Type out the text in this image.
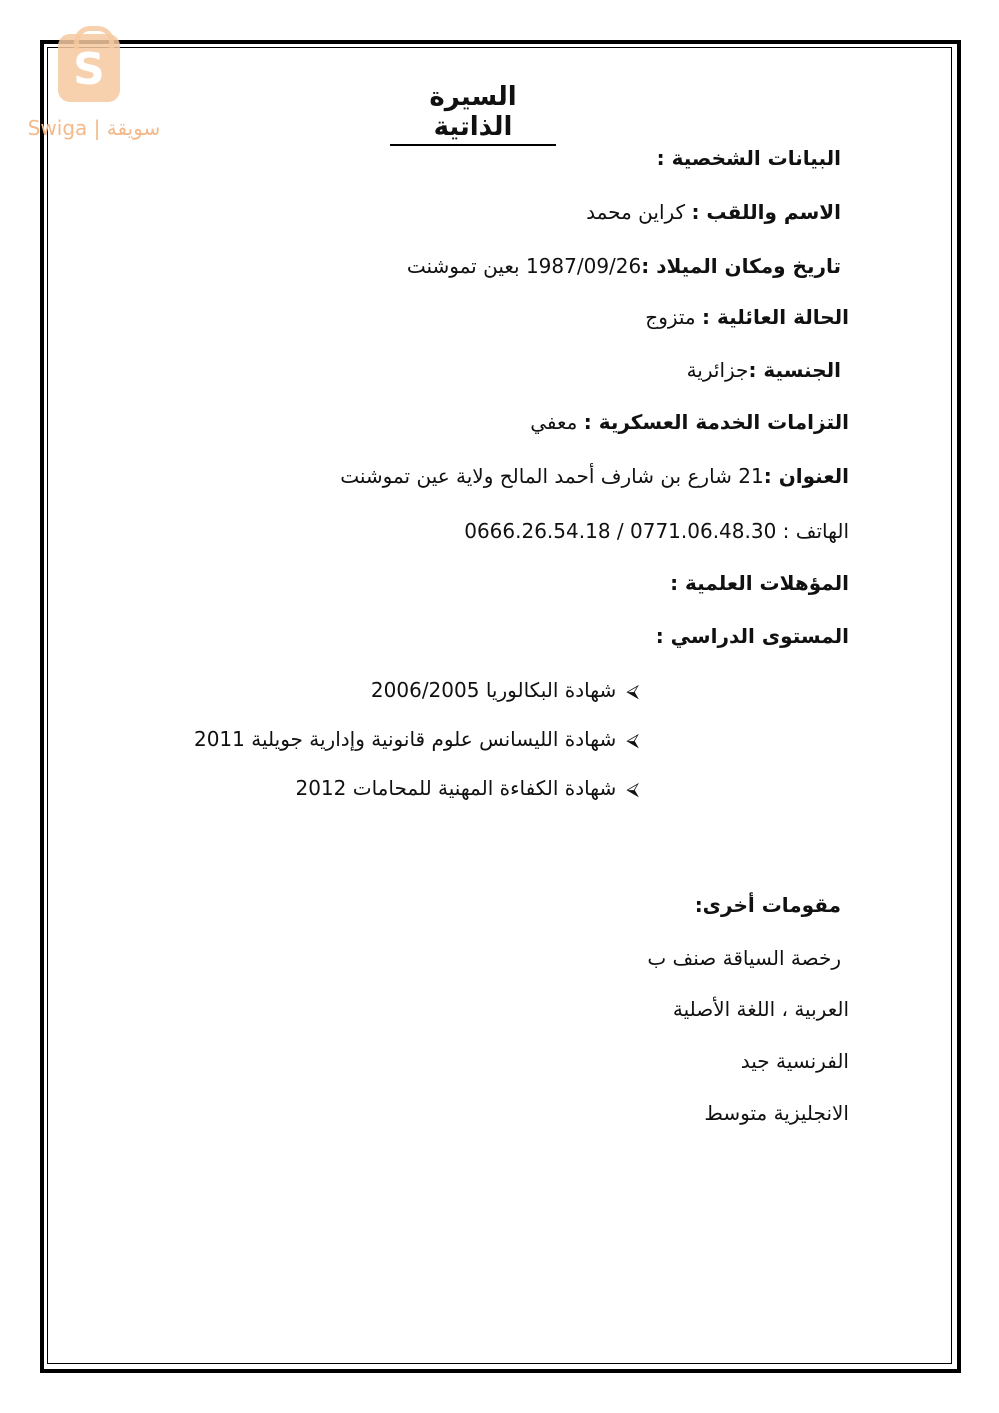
S
Swiga | سويقة
السيرة الذاتية
البيانات الشخصية :
الاسم واللقب : كراين محمد
تاريخ ومكان الميلاد :1987/09/26 بعين تموشنت
الحالة العائلية : متزوج
الجنسية :جزائرية
التزامات الخدمة العسكرية : معفي
العنوان :21 شارع بن شارف أحمد المالح ولاية عين تموشنت
الهاتف : 0666.26.54.18 / 0771.06.48.30
المؤهلات العلمية :
المستوى الدراسي :
⮘شهادة البكالوريا 2006/2005
⮘شهادة الليسانس علوم قانونية وإدارية جويلية 2011
⮘شهادة الكفاءة المهنية للمحامات 2012
مقومات أخرى:
رخصة السياقة صنف ب
العربية ، اللغة الأصلية
الفرنسية جيد
الانجليزية متوسط
